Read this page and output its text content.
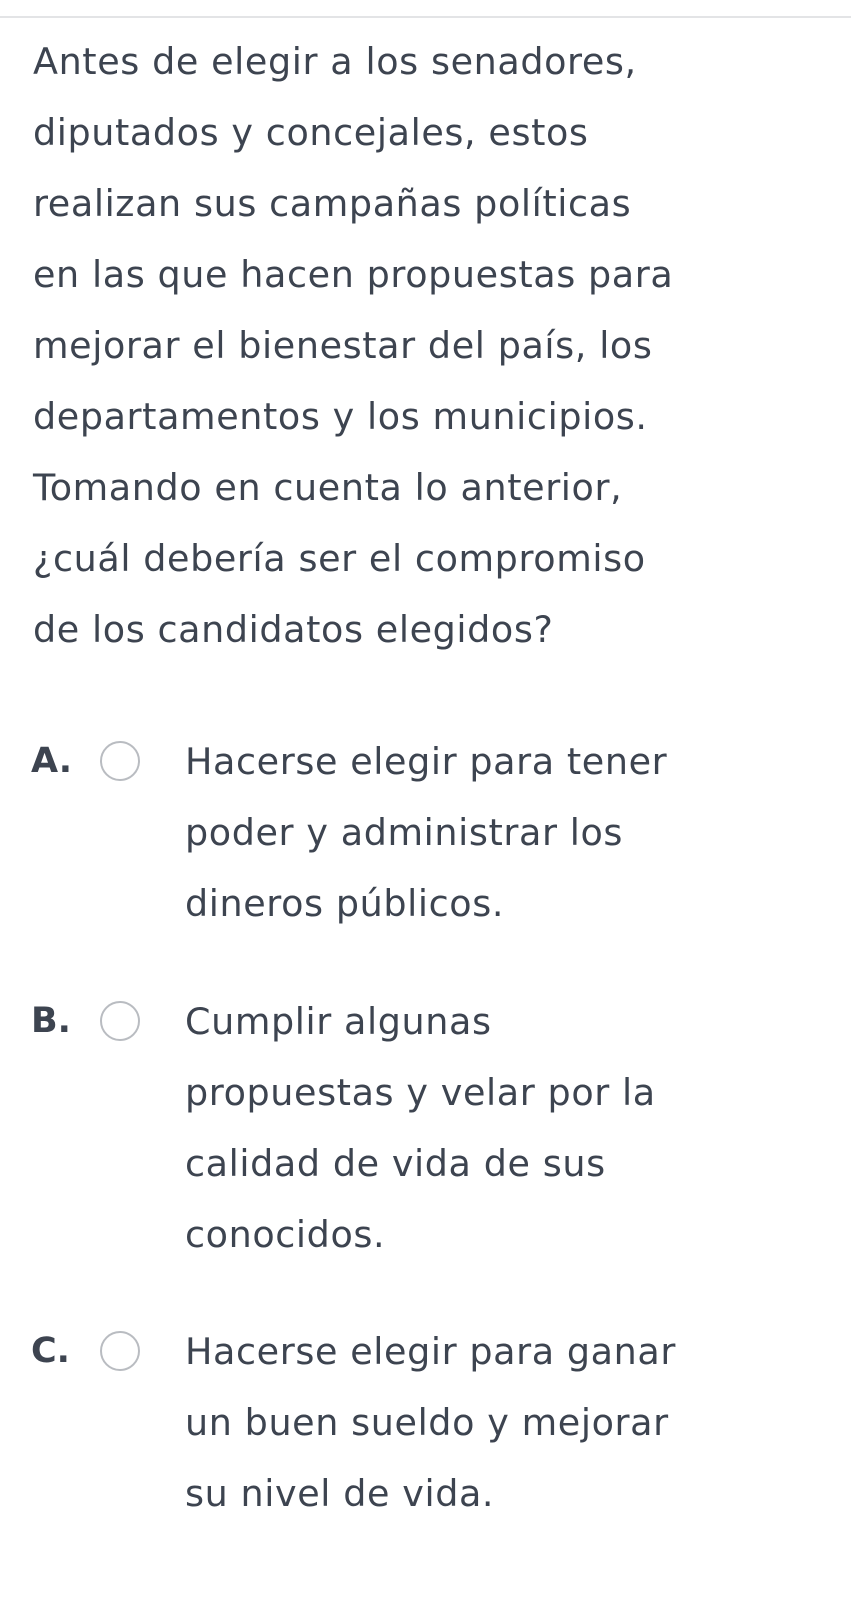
Antes de elegir a los senadores,
diputados y concejales, estos
realizan sus campañas políticas
en las que hacen propuestas para
mejorar el bienestar del país, los
departamentos y los municipios.
Tomando en cuenta lo anterior,
¿cuál debería ser el compromiso
de los candidatos elegidos?

A.	Hacerse elegir para tener
poder y administrar los
dineros públicos.
B.	Cumplir algunas
propuestas y velar por la
calidad de vida de sus
conocidos.
C.	Hacerse elegir para ganar
un buen sueldo y mejorar
su nivel de vida.
